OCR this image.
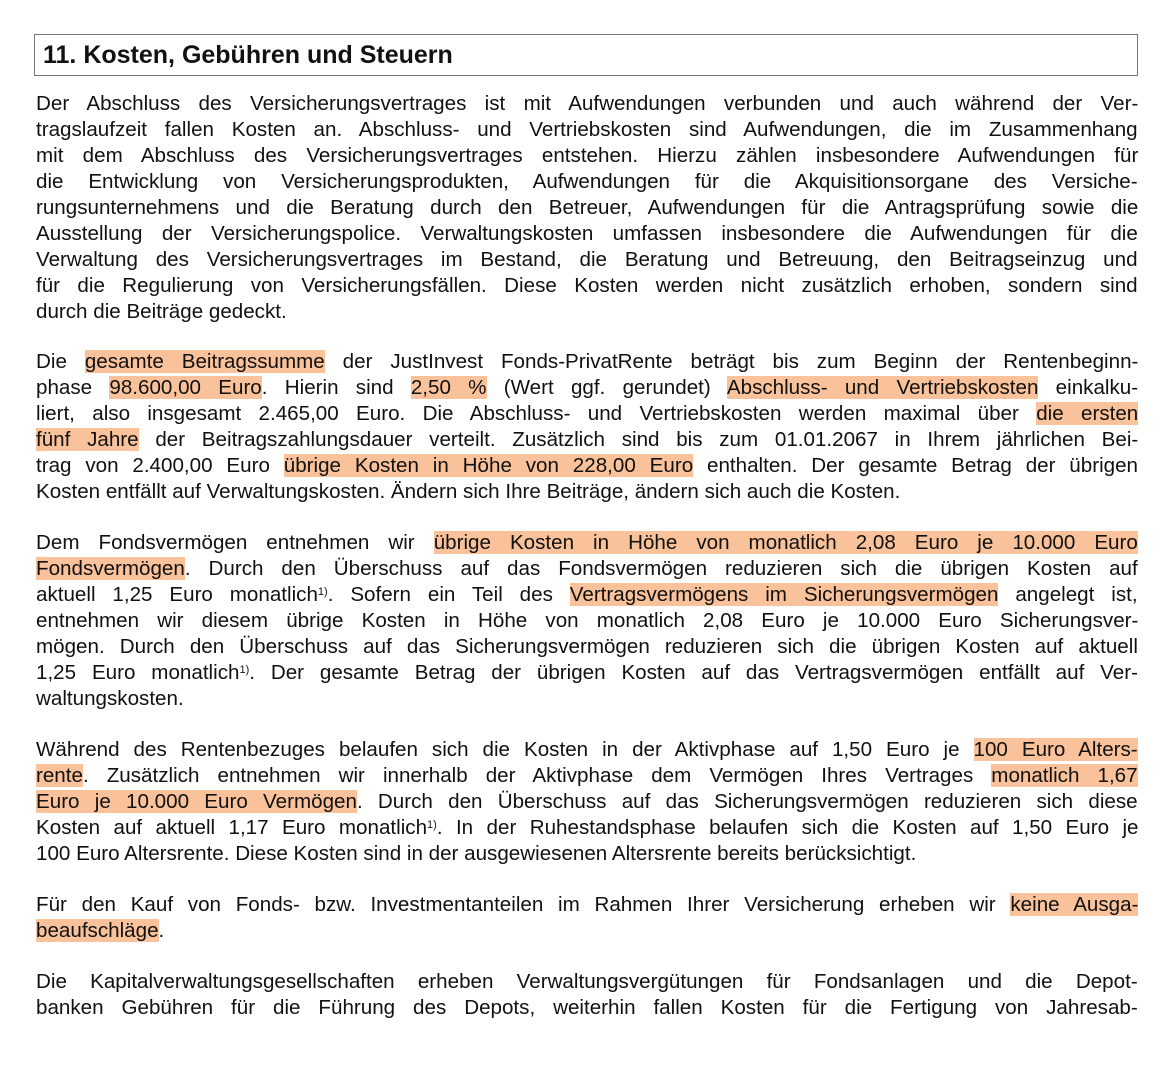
11. Kosten, Gebühren und Steuern
Der Abschluss des Versicherungsvertrages ist mit Aufwendungen verbunden und auch während der Ver-
tragslaufzeit fallen Kosten an. Abschluss- und Vertriebskosten sind Aufwendungen, die im Zusammenhang
mit dem Abschluss des Versicherungsvertrages entstehen. Hierzu zählen insbesondere Aufwendungen für
die Entwicklung von Versicherungsprodukten, Aufwendungen für die Akquisitionsorgane des Versiche-
rungsunternehmens und die Beratung durch den Betreuer, Aufwendungen für die Antragsprüfung sowie die
Ausstellung der Versicherungspolice. Verwaltungskosten umfassen insbesondere die Aufwendungen für die
Verwaltung des Versicherungsvertrages im Bestand, die Beratung und Betreuung, den Beitragseinzug und
für die Regulierung von Versicherungsfällen. Diese Kosten werden nicht zusätzlich erhoben, sondern sind
durch die Beiträge gedeckt.
Die gesamte Beitragssumme der JustInvest Fonds-PrivatRente beträgt bis zum Beginn der Rentenbeginn-
phase 98.600,00 Euro. Hierin sind 2,50 % (Wert ggf. gerundet) Abschluss- und Vertriebskosten einkalku-
liert, also insgesamt 2.465,00 Euro. Die Abschluss- und Vertriebskosten werden maximal über die ersten
fünf Jahre der Beitragszahlungsdauer verteilt. Zusätzlich sind bis zum 01.01.2067 in Ihrem jährlichen Bei-
trag von 2.400,00 Euro übrige Kosten in Höhe von 228,00 Euro enthalten. Der gesamte Betrag der übrigen
Kosten entfällt auf Verwaltungskosten. Ändern sich Ihre Beiträge, ändern sich auch die Kosten.
Dem Fondsvermögen entnehmen wir übrige Kosten in Höhe von monatlich 2,08 Euro je 10.000 Euro
Fondsvermögen. Durch den Überschuss auf das Fondsvermögen reduzieren sich die übrigen Kosten auf
aktuell 1,25 Euro monatlich$^{1)}$. Sofern ein Teil des Vertragsvermögens im Sicherungsvermögen angelegt ist,
entnehmen wir diesem übrige Kosten in Höhe von monatlich 2,08 Euro je 10.000 Euro Sicherungsver-
mögen. Durch den Überschuss auf das Sicherungsvermögen reduzieren sich die übrigen Kosten auf aktuell
1,25 Euro monatlich$^{1)}$. Der gesamte Betrag der übrigen Kosten auf das Vertragsvermögen entfällt auf Ver-
waltungskosten.
Während des Rentenbezuges belaufen sich die Kosten in der Aktivphase auf 1,50 Euro je 100 Euro Alters-
rente. Zusätzlich entnehmen wir innerhalb der Aktivphase dem Vermögen Ihres Vertrages monatlich 1,67
Euro je 10.000 Euro Vermögen. Durch den Überschuss auf das Sicherungsvermögen reduzieren sich diese
Kosten auf aktuell 1,17 Euro monatlich$^{1)}$. In der Ruhestandsphase belaufen sich die Kosten auf 1,50 Euro je
100 Euro Altersrente. Diese Kosten sind in der ausgewiesenen Altersrente bereits berücksichtigt.
Für den Kauf von Fonds- bzw. Investmentanteilen im Rahmen Ihrer Versicherung erheben wir keine Ausga-
beaufschläge.
Die Kapitalverwaltungsgesellschaften erheben Verwaltungsvergütungen für Fondsanlagen und die Depot-
banken Gebühren für die Führung des Depots, weiterhin fallen Kosten für die Fertigung von Jahresab-
